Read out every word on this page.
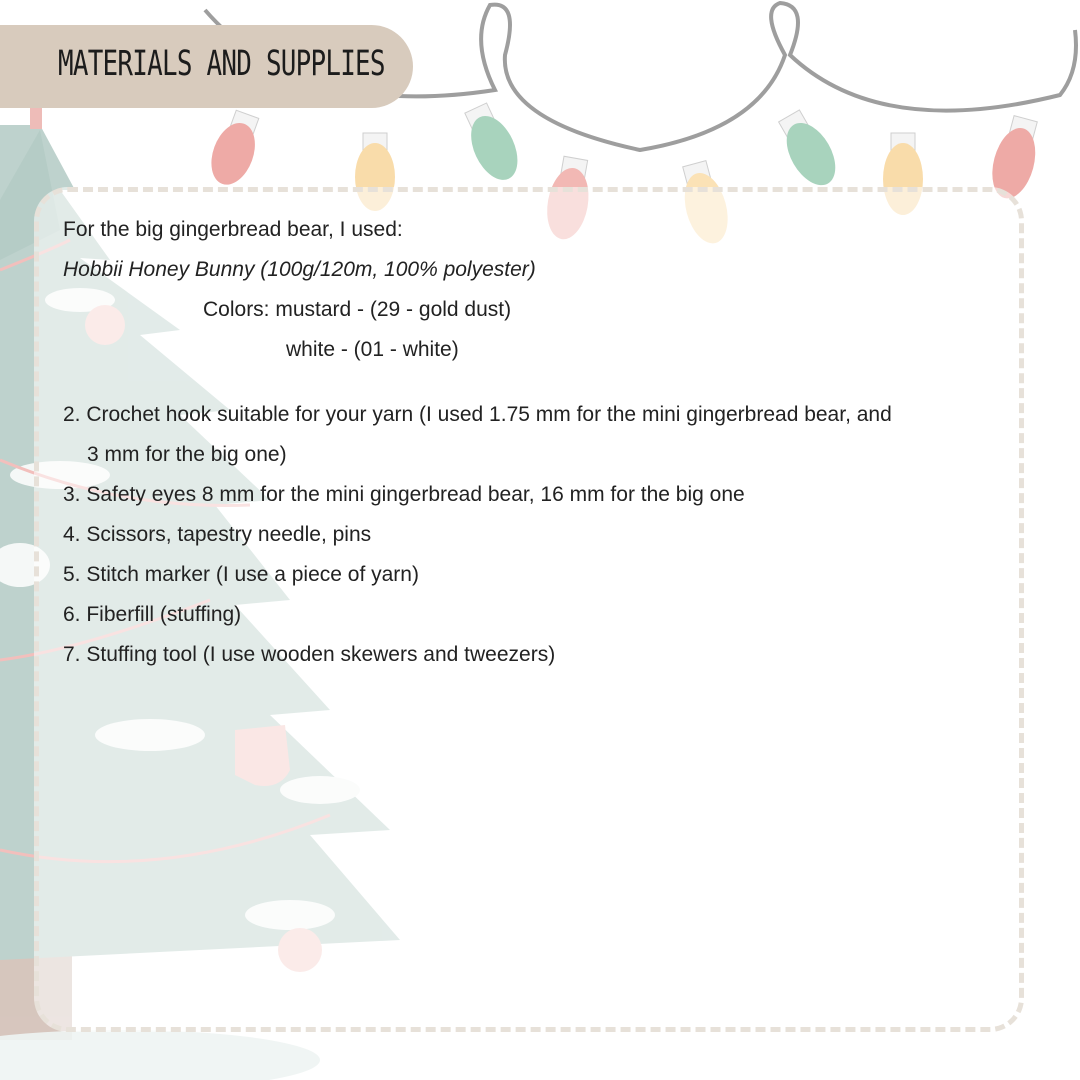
MATERIALS AND SUPPLIES
For the big gingerbread bear, I used:
Hobbii Honey Bunny (100g/120m, 100% polyester)
Colors: mustard - (29 - gold dust)
white - (01 - white)
2. Crochet hook suitable for your yarn (I used 1.75 mm for the mini gingerbread bear, and
3 mm for the big one)
3. Safety eyes 8 mm for the mini gingerbread bear, 16 mm for the big one
4. Scissors, tapestry needle, pins
5. Stitch marker (I use a piece of yarn)
6. Fiberfill (stuffing)
7. Stuffing tool (I use wooden skewers and tweezers)
